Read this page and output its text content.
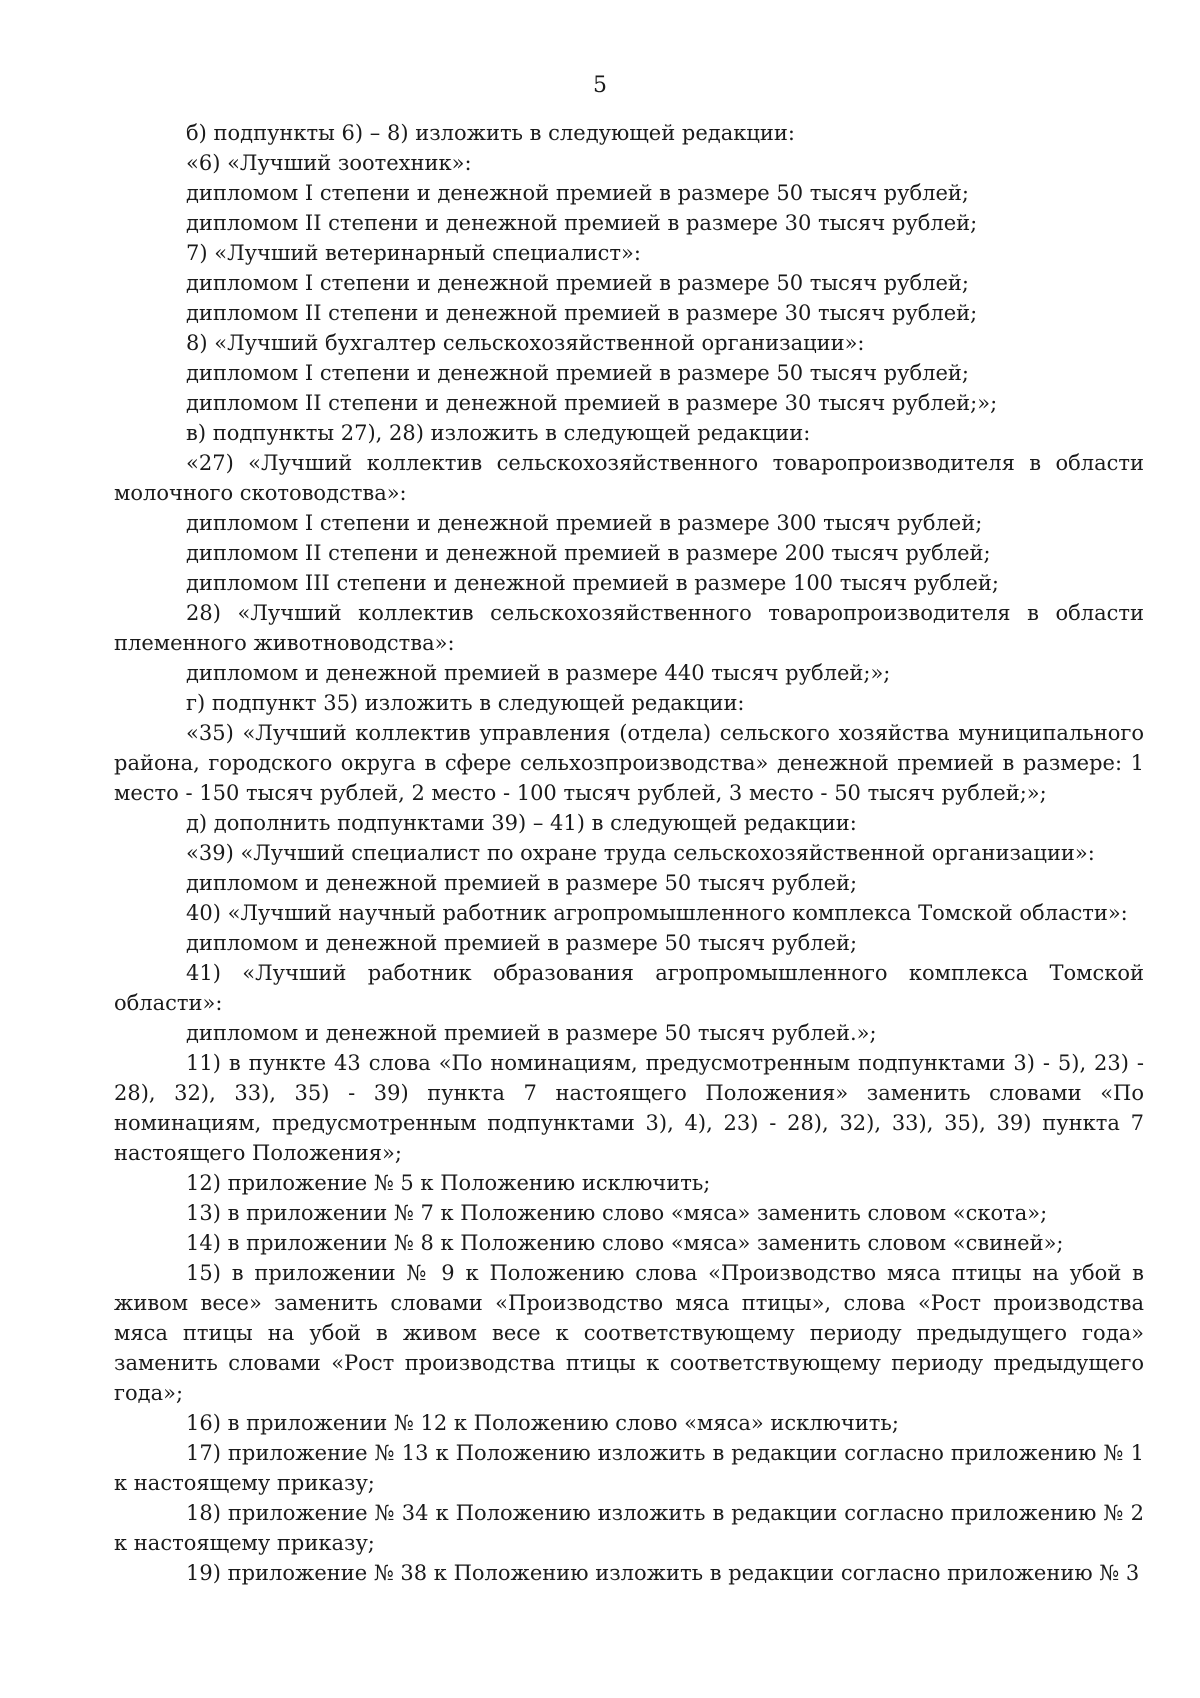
5

б) подпункты 6) – 8) изложить в следующей редакции:

«6) «Лучший зоотехник»:

дипломом I степени и денежной премией в размере 50 тысяч рублей;

дипломом II степени и денежной премией в размере 30 тысяч рублей;

7) «Лучший ветеринарный специалист»:

дипломом I степени и денежной премией в размере 50 тысяч рублей;

дипломом II степени и денежной премией в размере 30 тысяч рублей;

8) «Лучший бухгалтер сельскохозяйственной организации»:

дипломом I степени и денежной премией в размере 50 тысяч рублей;

дипломом II степени и денежной премией в размере 30 тысяч рублей;»;

в) подпункты 27), 28) изложить в следующей редакции:

«27) «Лучший коллектив сельскохозяйственного товаропроизводителя в области молочного скотоводства»:

дипломом I степени и денежной премией в размере 300 тысяч рублей;

дипломом II степени и денежной премией в размере 200 тысяч рублей;

дипломом III степени и денежной премией в размере 100 тысяч рублей;

28) «Лучший коллектив сельскохозяйственного товаропроизводителя в области племенного животноводства»:

дипломом и денежной премией в размере 440 тысяч рублей;»;

г) подпункт 35) изложить в следующей редакции:

«35) «Лучший коллектив управления (отдела) сельского хозяйства муниципального района, городского округа в сфере сельхозпроизводства» денежной премией в размере: 1 место - 150 тысяч рублей, 2 место - 100 тысяч рублей, 3 место - 50 тысяч рублей;»;

д) дополнить подпунктами 39) – 41) в следующей редакции:

«39) «Лучший специалист по охране труда сельскохозяйственной организации»:

дипломом и денежной премией в размере 50 тысяч рублей;

40) «Лучший научный работник агропромышленного комплекса Томской области»:

дипломом и денежной премией в размере 50 тысяч рублей;

41) «Лучший работник образования агропромышленного комплекса Томской области»:

дипломом и денежной премией в размере 50 тысяч рублей.»;

11) в пункте 43 слова «По номинациям, предусмотренным подпунктами 3) - 5), 23) - 28), 32), 33), 35) - 39) пункта 7 настоящего Положения» заменить словами «По номинациям, предусмотренным подпунктами 3), 4), 23) - 28), 32), 33), 35), 39) пункта 7 настоящего Положения»;

12) приложение № 5 к Положению исключить;

13) в приложении № 7 к Положению слово «мяса» заменить словом «скота»;

14) в приложении № 8 к Положению слово «мяса» заменить словом «свиней»;

15) в приложении № 9 к Положению слова «Производство мяса птицы на убой в живом весе» заменить словами «Производство мяса птицы», слова «Рост производства мяса птицы на убой в живом весе к соответствующему периоду предыдущего года» заменить словами «Рост производства птицы к соответствующему периоду предыдущего года»;

16) в приложении № 12 к Положению слово «мяса» исключить;

17) приложение № 13 к Положению изложить в редакции согласно приложению № 1 к настоящему приказу;

18) приложение № 34 к Положению изложить в редакции согласно приложению № 2 к настоящему приказу;

19) приложение № 38 к Положению изложить в редакции согласно приложению № 3
